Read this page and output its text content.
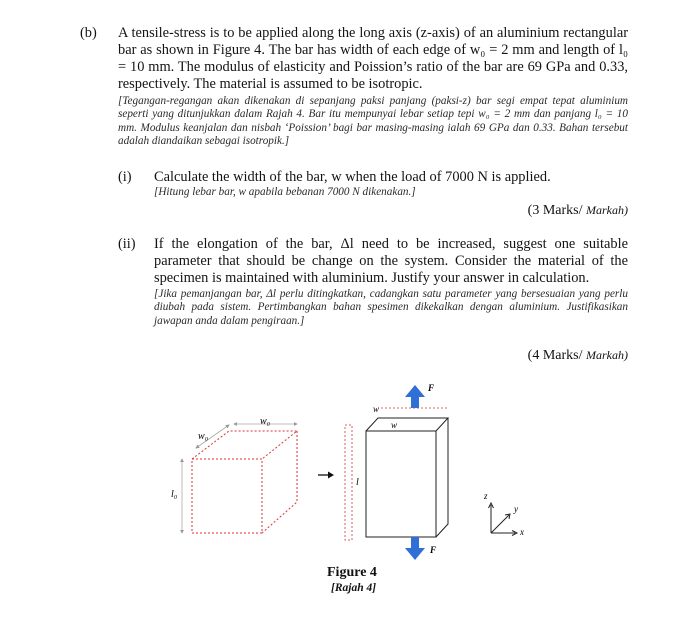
(b) A tensile-stress is to be applied along the long axis (z-axis) of an aluminium rectangular bar as shown in Figure 4. The bar has width of each edge of w₀ = 2 mm and length of l₀ = 10 mm. The modulus of elasticity and Poission’s ratio of the bar are 69 GPa and 0.33, respectively. The material is assumed to be isotropic.
[Tegangan-regangan akan dikenakan di sepanjang paksi panjang (paksi-z) bar segi empat tepat aluminium seperti yang ditunjukkan dalam Rajah 4. Bar itu mempunyai lebar setiap tepi w₀ = 2 mm dan panjang l₀ = 10 mm. Modulus keanjalan dan nisbah ‘Poission’ bagi bar masing-masing ialah 69 GPa dan 0.33. Bahan tersebut adalah diandaikan sebagai isotropik.]
(i) Calculate the width of the bar, w when the load of 7000 N is applied.
[Hitung lebar bar, w apabila bebanan 7000 N dikenakan.]
(3 Marks/ Markah)
(ii) If the elongation of the bar, Δl need to be increased, suggest one suitable parameter that should be change on the system. Consider the material of the specimen is maintained with aluminium. Justify your answer in calculation.
[Jika pemanjangan bar, Δl perlu ditingkatkan, cadangkan satu parameter yang bersesuaian yang perlu diubah pada sistem. Pertimbangkan bahan spesimen dikekalkan dengan aluminium. Justifikasikan jawapan anda dalam pengiraan.]
(4 Marks/ Markah)
w₀
w₀
l₀
w
w
l
F
F
z
y
x
Figure 4
[Rajah 4]
